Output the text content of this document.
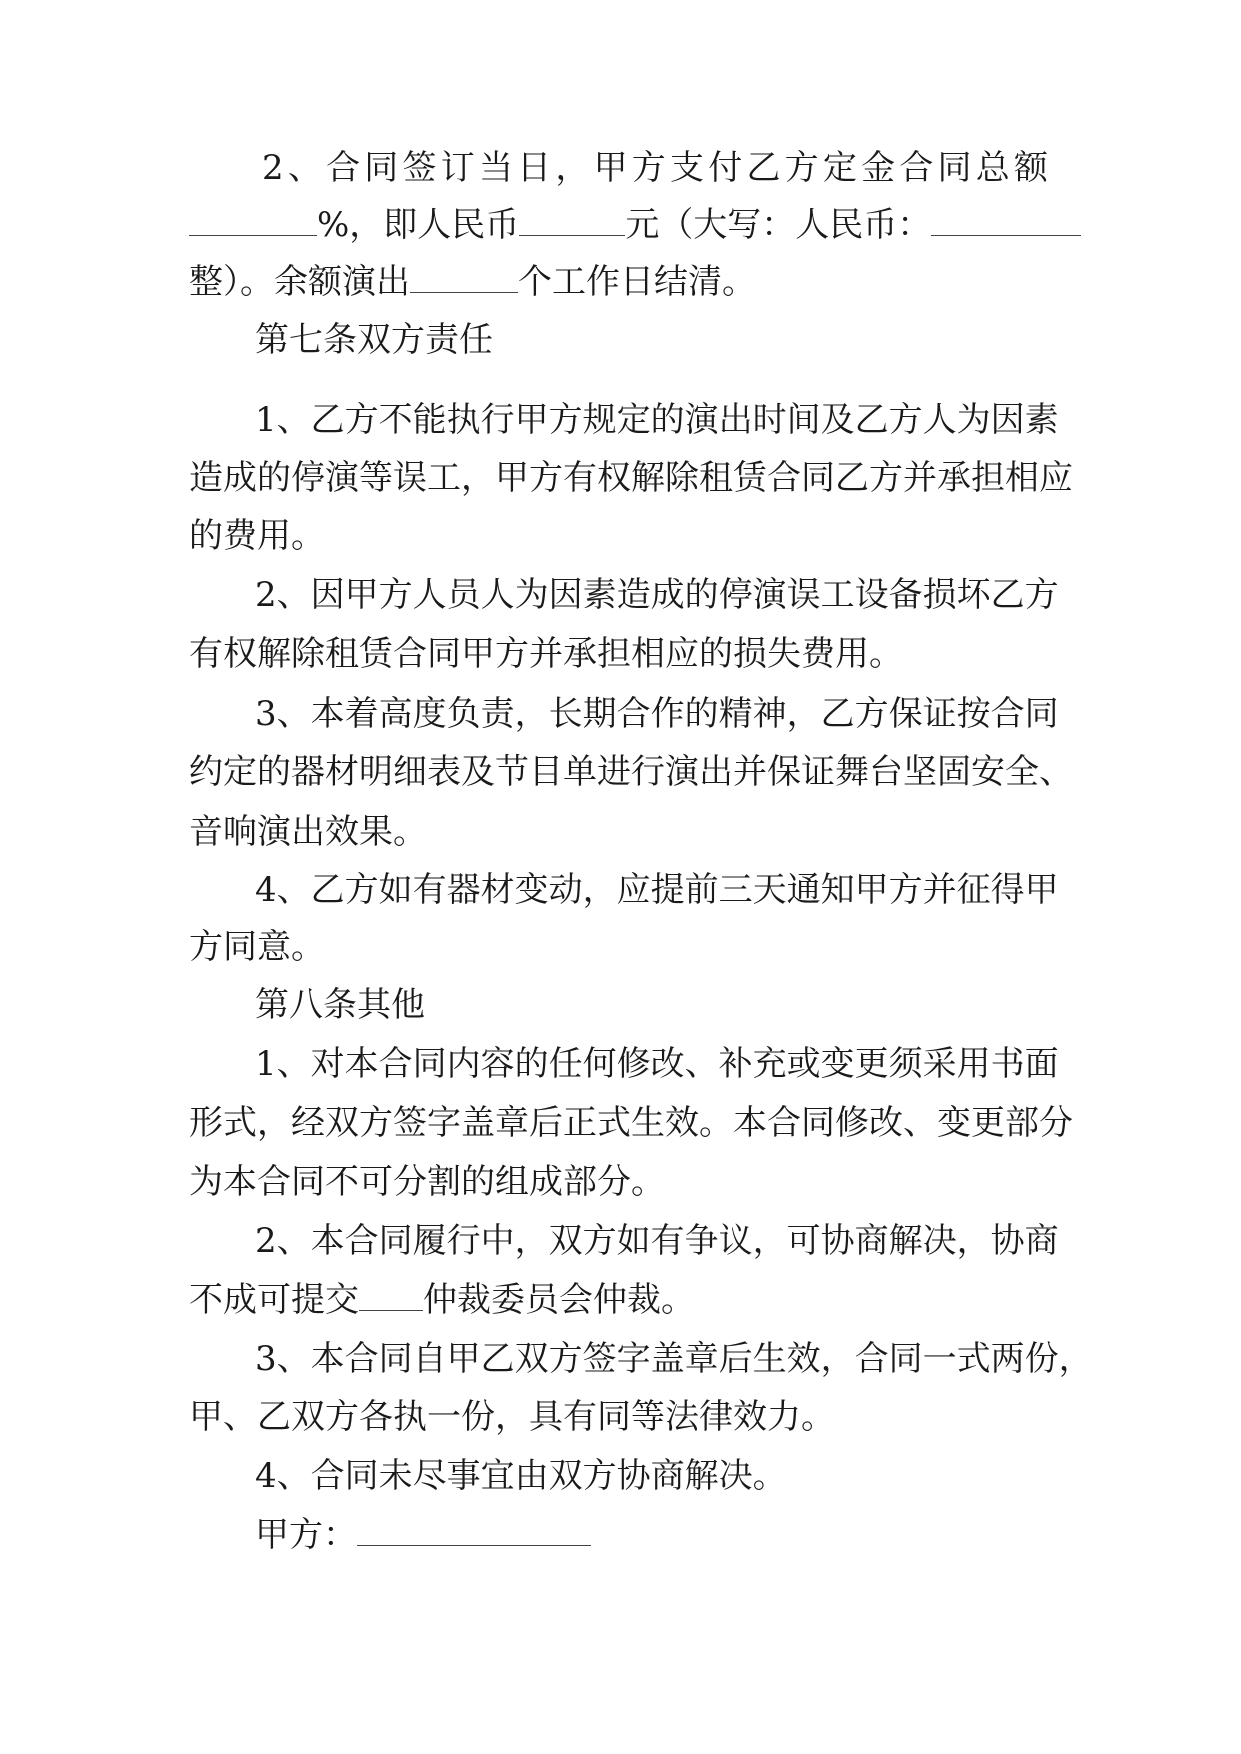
2、合同签订当日，甲方支付乙方定金合同总额
%，即人民币	元（大写：人民币：
整）。余额演出	个工作日结清。
第七条双方责任
1、乙方不能执行甲方规定的演出时间及乙方人为因素
造成的停演等误工，甲方有权解除租赁合同乙方并承担相应
的费用。
2、因甲方人员人为因素造成的停演误工设备损坏乙方
有权解除租赁合同甲方并承担相应的损失费用。
3、本着高度负责，长期合作的精神，乙方保证按合同
约定的器材明细表及节目单进行演出并保证舞台坚固安全、
音响演出效果。
4、乙方如有器材变动，应提前三天通知甲方并征得甲
方同意。
第八条其他
1、对本合同内容的任何修改、补充或变更须采用书面
形式，经双方签字盖章后正式生效。本合同修改、变更部分
为本合同不可分割的组成部分。
2、本合同履行中，双方如有争议，可协商解决，协商
不成可提交 仲裁委员会仲裁。
3、本合同自甲乙双方签字盖章后生效，合同一式两份，
甲、乙双方各执一份，具有同等法律效力。
4、合同未尽事宜由双方协商解决。
甲方：
